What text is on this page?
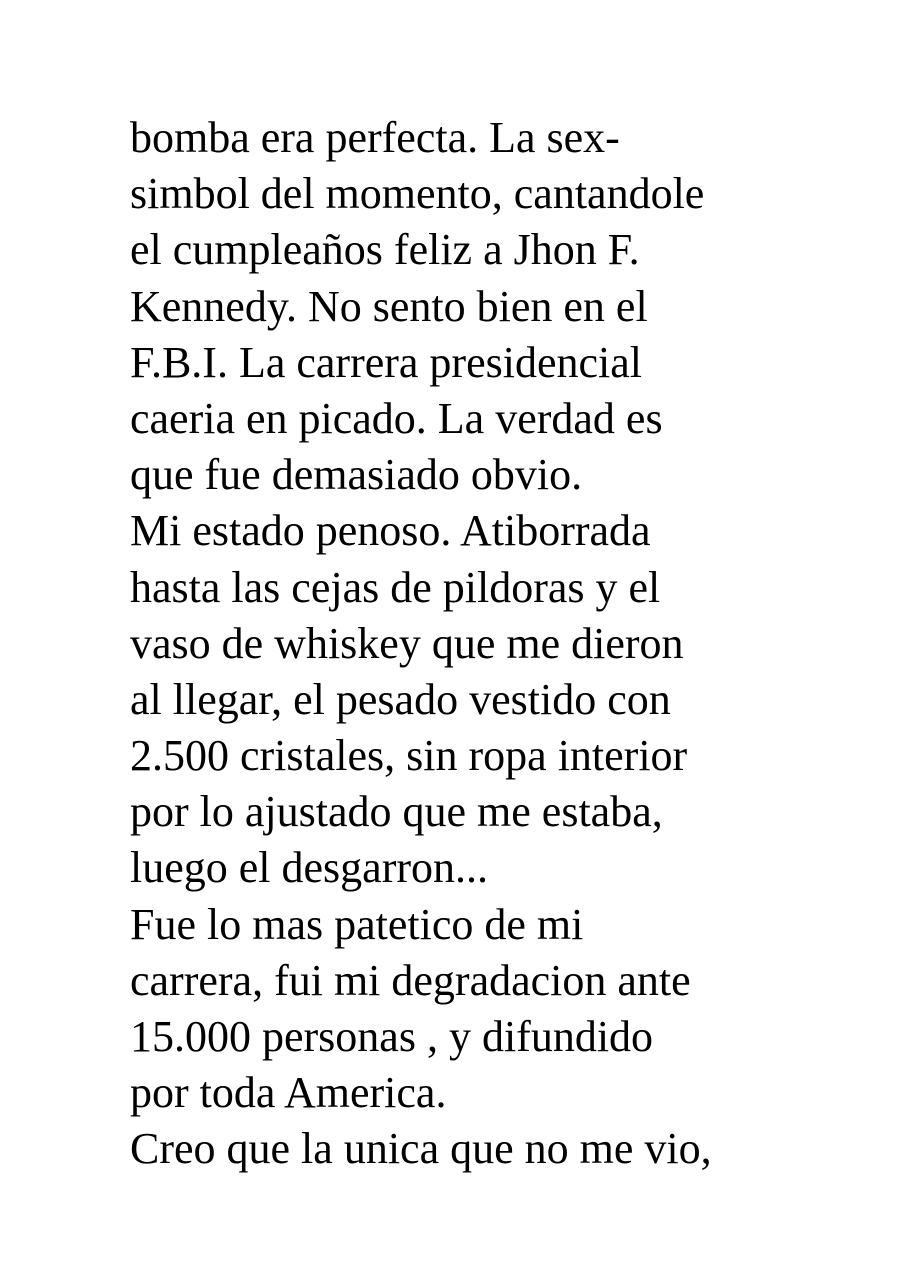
bomba era perfecta. La sex-
simbol del momento, cantandole
el cumpleaños feliz a Jhon F.
Kennedy. No sento bien en el
F.B.I. La carrera presidencial
caeria en picado. La verdad es
que fue demasiado obvio.
Mi estado penoso. Atiborrada
hasta las cejas de pildoras y el
vaso de whiskey que me dieron
al llegar, el pesado vestido con
2.500 cristales, sin ropa interior
por lo ajustado que me estaba,
luego el desgarron...
Fue lo mas patetico de mi
carrera, fui mi degradacion ante
15.000 personas , y difundido
por toda America.
Creo que la unica que no me vio,
